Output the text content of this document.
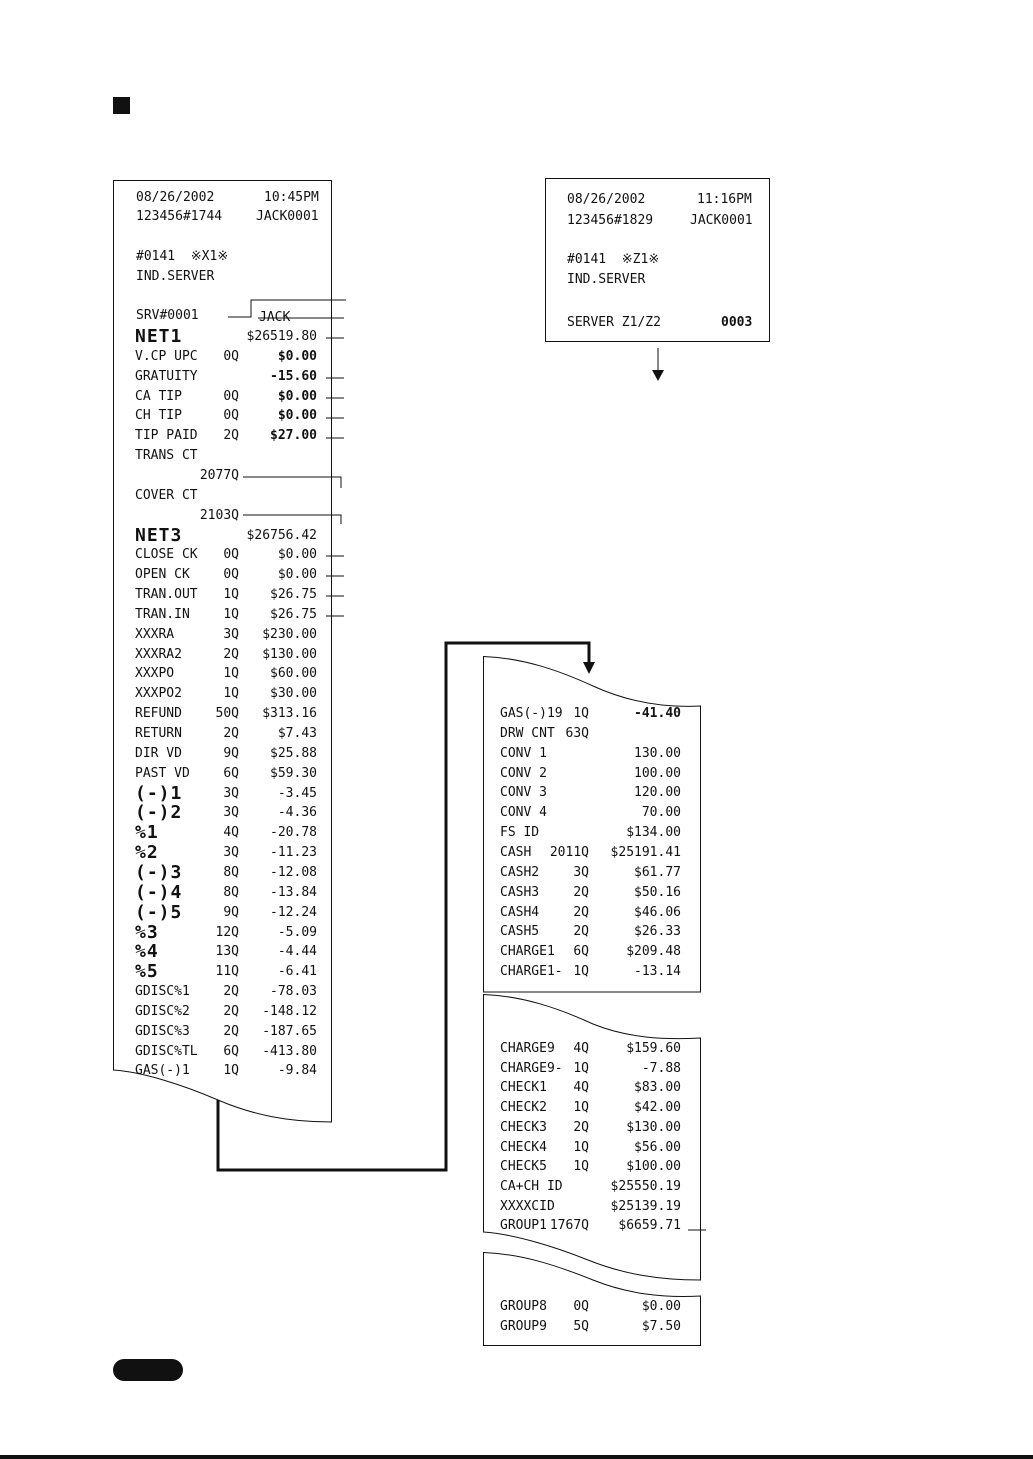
08/26/2002	10:45PM
123456#1744	JACK0001
#0141  ※X1※
IND.SERVER
SRV#0001	JACK
NET1	$26519.80
V.CP UPC 0Q	$0.00
GRATUITY	-15.60
CA TIP	0Q	$0.00
CH TIP	0Q	$0.00
TIP PAID 2Q $27.00
TRANS CT
2077Q
COVER CT
2103Q
NET3	$26756.42
CLOSE CK 0Q	$0.00
OPEN CK	0Q	$0.00
TRAN.OUT 1Q $26.75
TRAN.IN	1Q $26.75
XXXRA	3Q $230.00
XXXRA2	2Q $130.00
XXXPO	1Q $60.00
XXXPO2	1Q $30.00
REFUND	50Q $313.16
RETURN	2Q	$7.43
DIR VD	9Q $25.88
PAST VD	6Q $59.30
(-)1	3Q	-3.45
(-)2	3Q	-4.36
%1	4Q -20.78
%2	3Q -11.23
(-)3	8Q -12.08
(-)4	8Q -13.84
(-)5	9Q -12.24
%3	12Q	-5.09
%4	13Q	-4.44
%5	11Q	-6.41
GDISC%1	2Q -78.03
GDISC%2	2Q -148.12
GDISC%3	2Q -187.65
GDISC%TL 6Q -413.80
GAS(-)1	1Q	-9.84
08/26/2002	11:16PM
123456#1829	JACK0001
#0141  ※Z1※
IND.SERVER
SERVER Z1/Z2	0003
GAS(-)19 1Q	-41.40
DRW CNT 63Q
CONV 1	130.00
CONV 2	100.00
CONV 3	120.00
CONV 4	70.00
FS ID	$134.00
CASH 2011Q $25191.41
CASH2	3Q	$61.77
CASH3	2Q	$50.16
CASH4	2Q	$46.06
CASH5	2Q	$26.33
CHARGE1 6Q	$209.48
CHARGE1- 1Q	-13.14
CHARGE9 4Q	$159.60
CHARGE9- 1Q	-7.88
CHECK1 4Q	$83.00
CHECK2 1Q	$42.00
CHECK3 2Q	$130.00
CHECK4 1Q	$56.00
CHECK5 1Q	$100.00
CA+CH ID	$25550.19
XXXXCID	$25139.19
GROUP1 1767Q $6659.71
GROUP8 0Q	$0.00
GROUP9 5Q	$7.50
